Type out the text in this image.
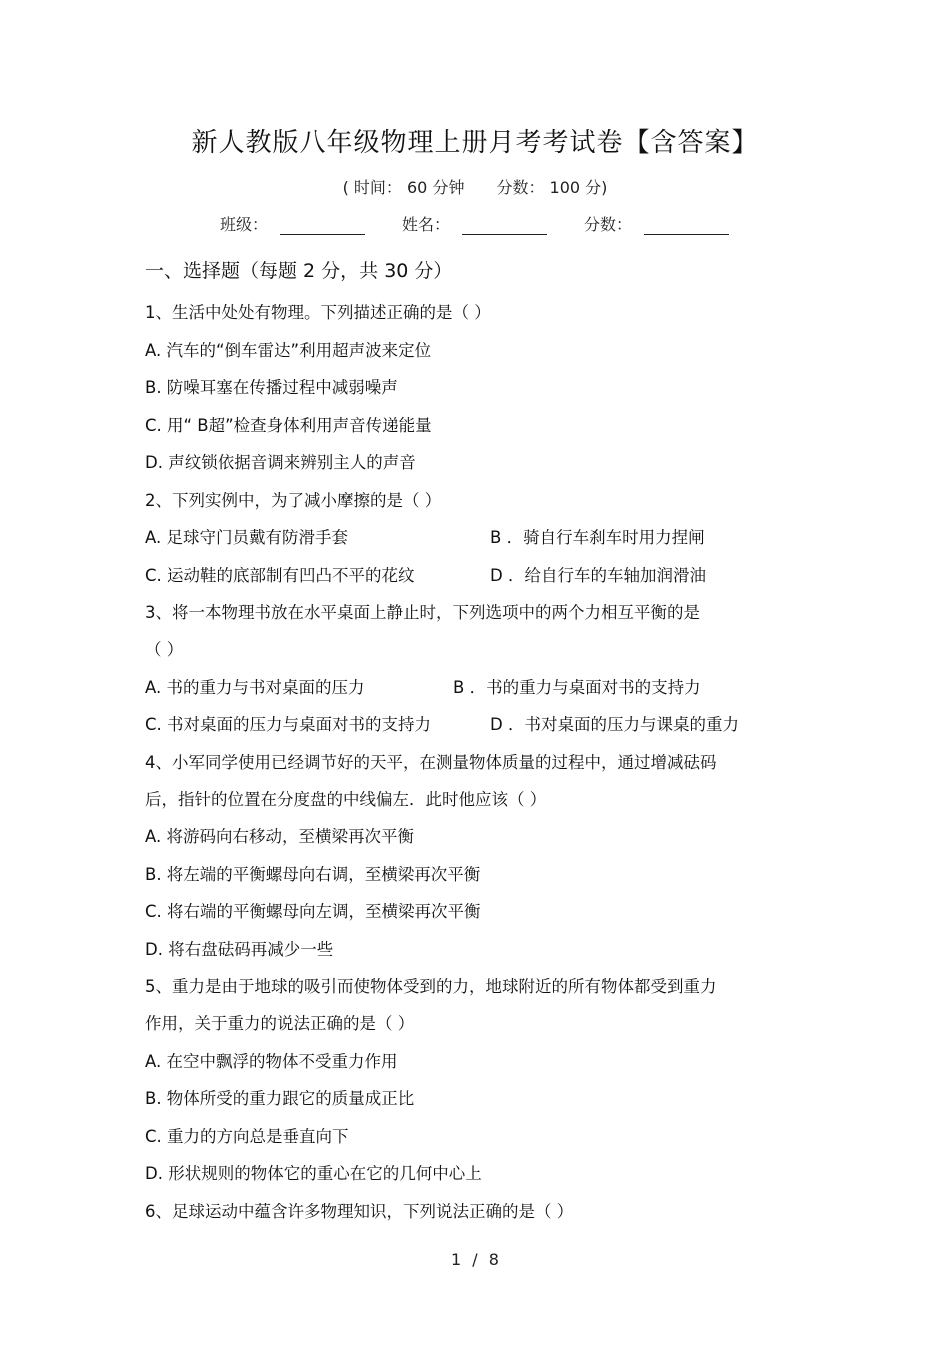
新人教版八年级物理上册月考考试卷【含答案】
( 时间： 60 分钟 分数： 100 分)
班级：	姓名：	分数：
一、选择题（每题 2 分，共 30 分）
1、生活中处处有物理。下列描述正确的是（ ）
A. 汽车的“倒车雷达”利用超声波来定位
B. 防噪耳塞在传播过程中减弱噪声
C. 用“ B超”检查身体利用声音传递能量
D. 声纹锁依据音调来辨别主人的声音
2、下列实例中，为了减小摩擦的是（ ）
A. 足球守门员戴有防滑手套	B ．骑自行车刹车时用力捏闸
C. 运动鞋的底部制有凹凸不平的花纹	D ．给自行车的车轴加润滑油
3、将一本物理书放在水平桌面上静止时，下列选项中的两个力相互平衡的是
（ ）
A. 书的重力与书对桌面的压力	B ．书的重力与桌面对书的支持力
C. 书对桌面的压力与桌面对书的支持力	D ．书对桌面的压力与课桌的重力
4、小军同学使用已经调节好的天平，在测量物体质量的过程中，通过增减砝码
后，指针的位置在分度盘的中线偏左．此时他应该（ ）
A. 将游码向右移动，至横梁再次平衡
B. 将左端的平衡螺母向右调，至横梁再次平衡
C. 将右端的平衡螺母向左调，至横梁再次平衡
D. 将右盘砝码再减少一些
5、重力是由于地球的吸引而使物体受到的力，地球附近的所有物体都受到重力
作用，关于重力的说法正确的是（ ）
A. 在空中飘浮的物体不受重力作用
B. 物体所受的重力跟它的质量成正比
C. 重力的方向总是垂直向下
D. 形状规则的物体它的重心在它的几何中心上
6、足球运动中蕴含许多物理知识，下列说法正确的是（ ）
1 / 8
